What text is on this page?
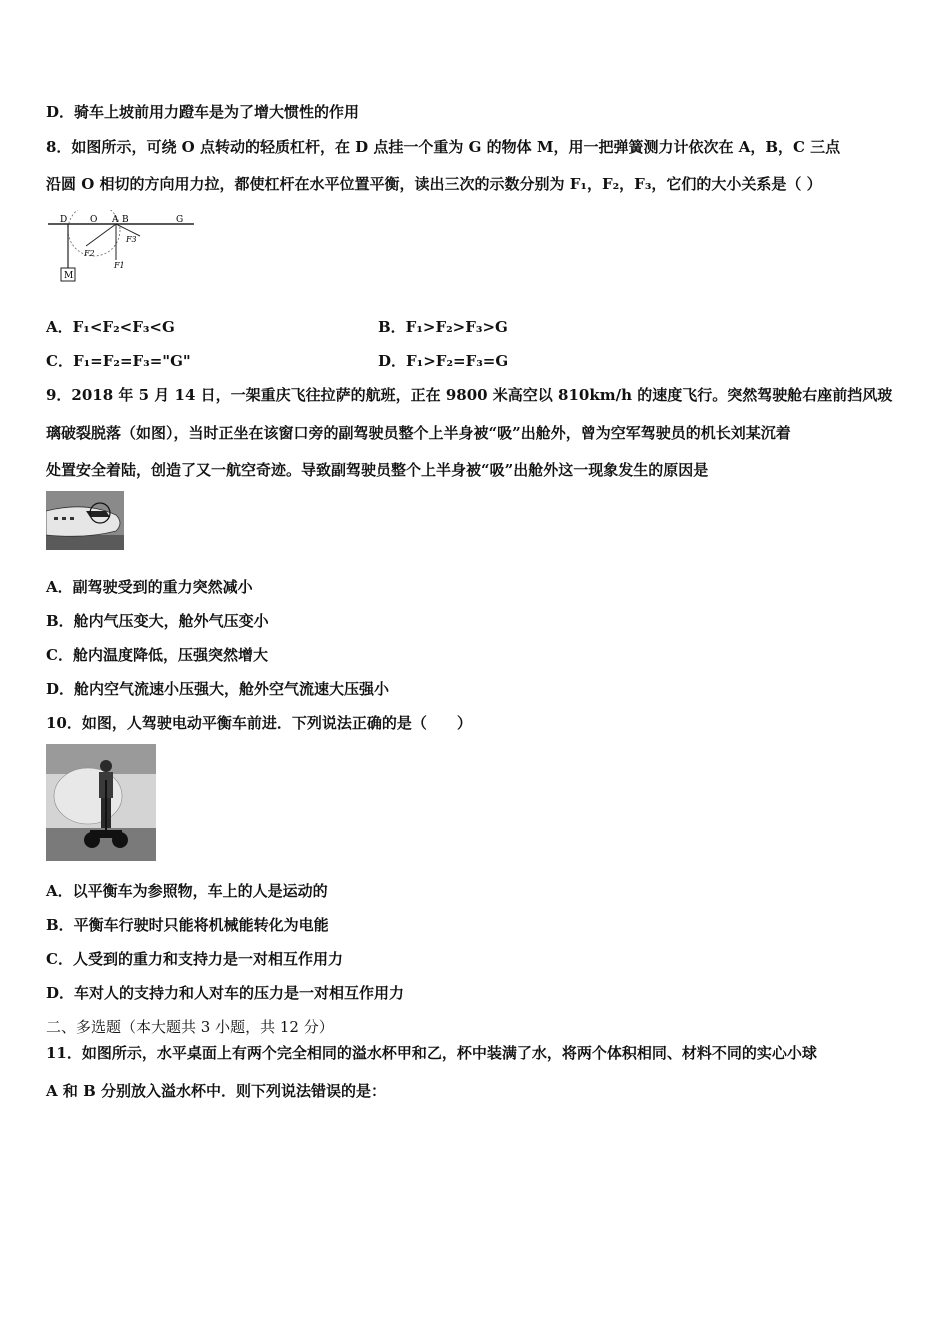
D．骑车上坡前用力蹬车是为了增大惯性的作用
8．如图所示，可绕 O 点转动的轻质杠杆，在 D 点挂一个重为 G 的物体 M，用一把弹簧测力计依次在 A，B，C 三点
沿圆 O 相切的方向用力拉，都使杠杆在水平位置平衡，读出三次的示数分别为 F₁，F₂，F₃，它们的大小关系是（ ）
D	O A B	G
F3
F2
F1
M
A．F₁<F₂<F₃<G	B．F₁>F₂>F₃>G
C．F₁=F₂=F₃="G"	D．F₁>F₂=F₃=G
9．2018 年 5 月 14 日，一架重庆飞往拉萨的航班，正在 9800 米高空以 810km/h 的速度飞行。突然驾驶舱右座前挡风玻
璃破裂脱落（如图），当时正坐在该窗口旁的副驾驶员整个上半身被“吸”出舱外，曾为空军驾驶员的机长刘某沉着
处置安全着陆，创造了又一航空奇迹。导致副驾驶员整个上半身被“吸”出舱外这一现象发生的原因是
A．副驾驶受到的重力突然减小
B．舱内气压变大，舱外气压变小
C．舱内温度降低，压强突然增大
D．舱内空气流速小压强大，舱外空气流速大压强小
10．如图，人驾驶电动平衡车前进．下列说法正确的是（　　）
A．以平衡车为参照物，车上的人是运动的
B．平衡车行驶时只能将机械能转化为电能
C．人受到的重力和支持力是一对相互作用力
D．车对人的支持力和人对车的压力是一对相互作用力
二、多选题（本大题共 3 小题，共 12 分）
11．如图所示，水平桌面上有两个完全相同的溢水杯甲和乙，杯中装满了水，将两个体积相同、材料不同的实心小球
A 和 B 分别放入溢水杯中．则下列说法错误的是：
